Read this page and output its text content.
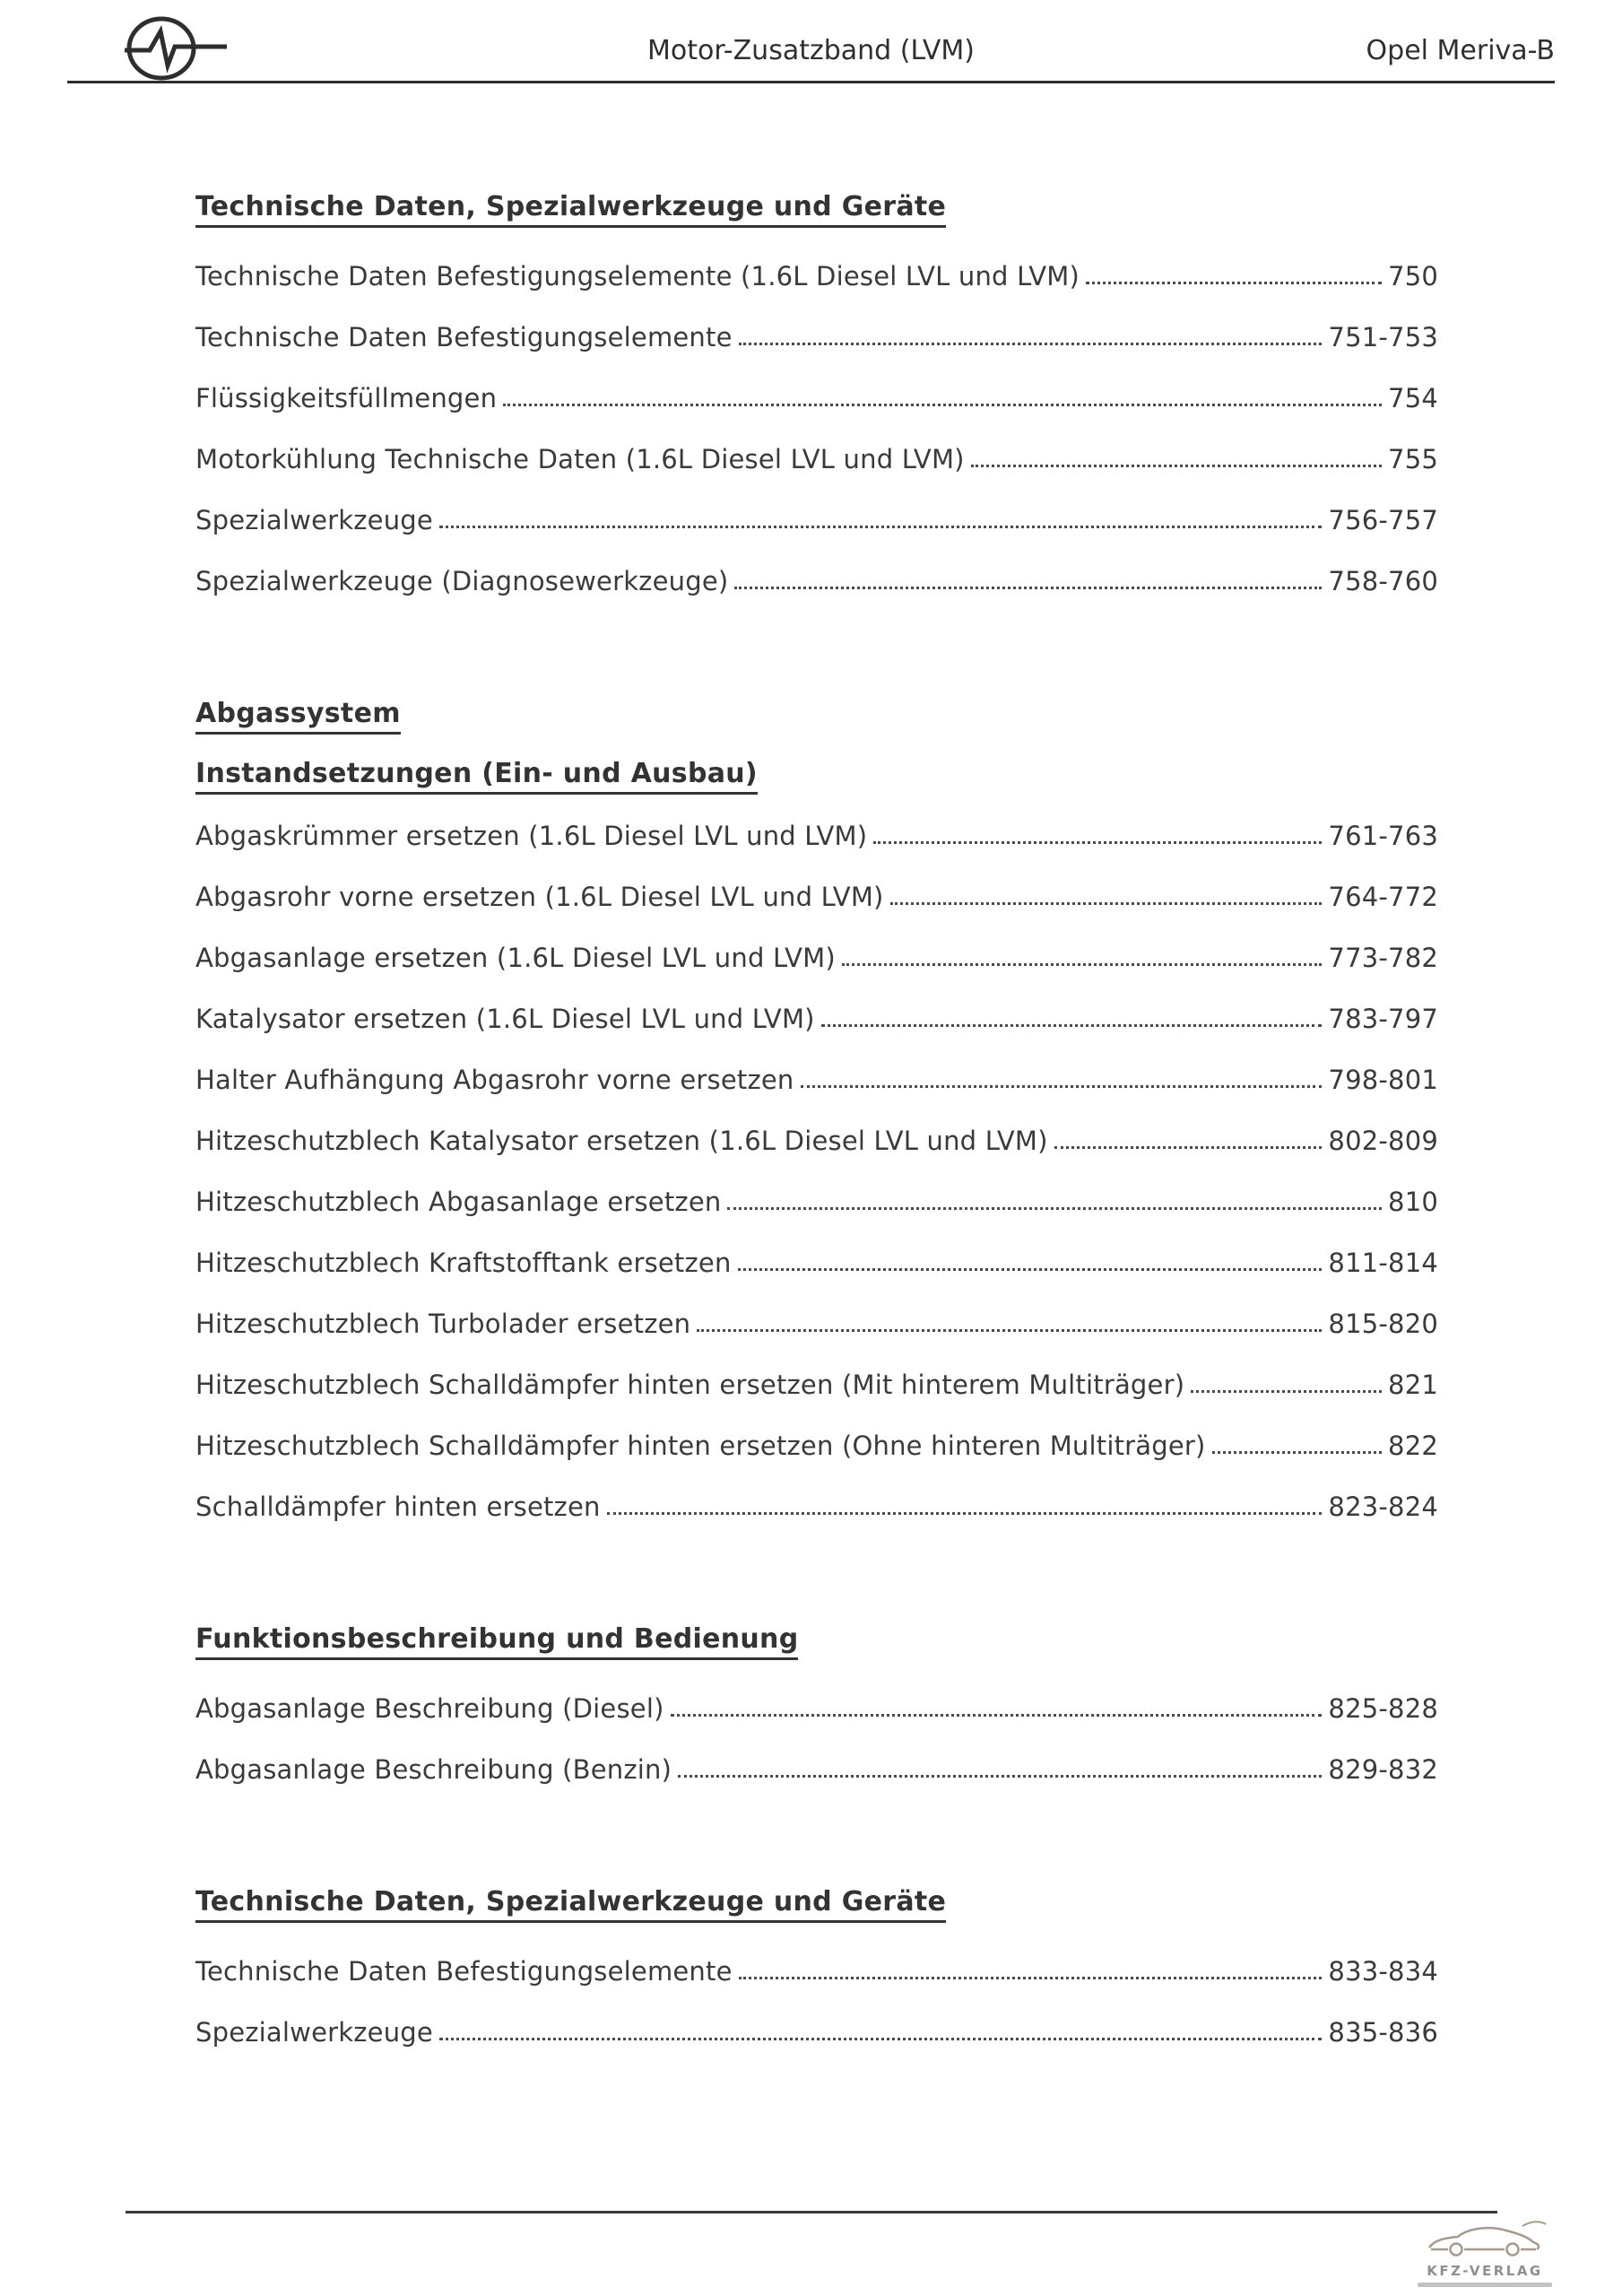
Motor-Zusatzband (LVM)	Opel Meriva-B
Technische Daten, Spezialwerkzeuge und Geräte
Technische Daten Befestigungselemente (1.6L Diesel LVL und LVM)	750
Technische Daten Befestigungselemente	751-753
Flüssigkeitsfüllmengen	754
Motorkühlung Technische Daten (1.6L Diesel LVL und LVM)	755
Spezialwerkzeuge	756-757
Spezialwerkzeuge (Diagnosewerkzeuge)	758-760
Abgassystem
Instandsetzungen (Ein- und Ausbau)
Abgaskrümmer ersetzen (1.6L Diesel LVL und LVM)	761-763
Abgasrohr vorne ersetzen (1.6L Diesel LVL und LVM)	764-772
Abgasanlage ersetzen (1.6L Diesel LVL und LVM)	773-782
Katalysator ersetzen (1.6L Diesel LVL und LVM)	783-797
Halter Aufhängung Abgasrohr vorne ersetzen	798-801
Hitzeschutzblech Katalysator ersetzen (1.6L Diesel LVL und LVM)	802-809
Hitzeschutzblech Abgasanlage ersetzen	810
Hitzeschutzblech Kraftstofftank ersetzen	811-814
Hitzeschutzblech Turbolader ersetzen	815-820
Hitzeschutzblech Schalldämpfer hinten ersetzen (Mit hinterem Multiträger)	821
Hitzeschutzblech Schalldämpfer hinten ersetzen (Ohne hinteren Multiträger)	822
Schalldämpfer hinten ersetzen	823-824
Funktionsbeschreibung und Bedienung
Abgasanlage Beschreibung (Diesel)	825-828
Abgasanlage Beschreibung (Benzin)	829-832
Technische Daten, Spezialwerkzeuge und Geräte
Technische Daten Befestigungselemente	833-834
Spezialwerkzeuge	835-836
KFZ-VERLAG
